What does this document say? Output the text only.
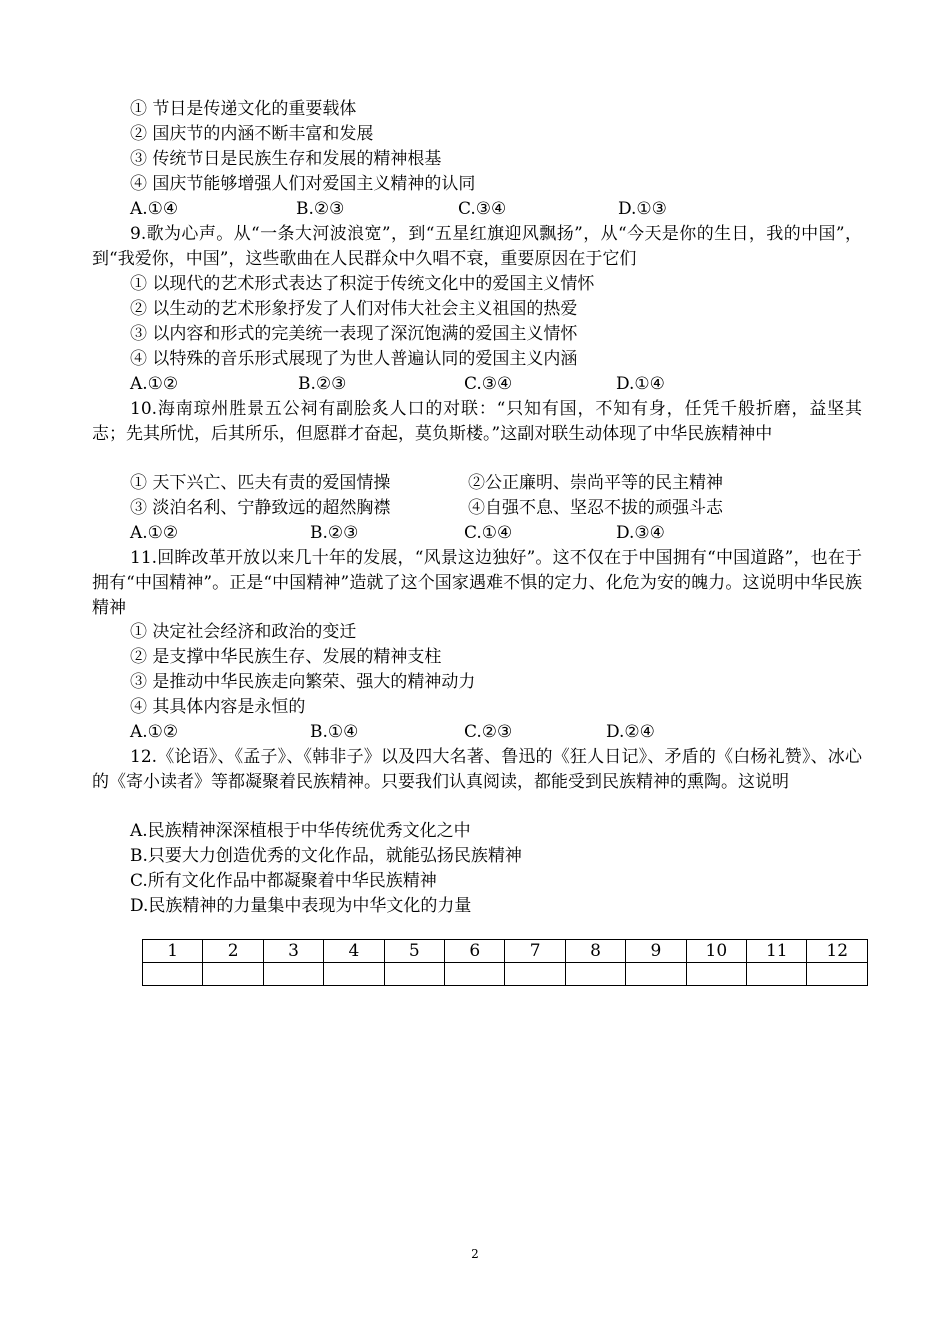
① 节日是传递文化的重要载体
② 国庆节的内涵不断丰富和发展
③ 传统节日是民族生存和发展的精神根基
④ 国庆节能够增强人们对爱国主义精神的认同
A.①④	B.②③	C.③④	D.①③
9.歌为心声。从“一条大河波浪宽”，到“五星红旗迎风飘扬”，从“今天是你的生日，我的中国”，到“我爱你，中国”，这些歌曲在人民群众中久唱不衰，重要原因在于它们
① 以现代的艺术形式表达了积淀于传统文化中的爱国主义情怀
② 以生动的艺术形象抒发了人们对伟大社会主义祖国的热爱
③ 以内容和形式的完美统一表现了深沉饱满的爱国主义情怀
④ 以特殊的音乐形式展现了为世人普遍认同的爱国主义内涵
A.①②	B.②③	C.③④	D.①④
10.海南琼州胜景五公祠有副脍炙人口的对联：“只知有国，不知有身，任凭千般折磨，益坚其志；先其所忧，后其所乐，但愿群才奋起，莫负斯楼。”这副对联生动体现了中华民族精神中
① 天下兴亡、匹夫有责的爱国情操	②公正廉明、崇尚平等的民主精神
③ 淡泊名利、宁静致远的超然胸襟	④自强不息、坚忍不拔的顽强斗志
A.①②	B.②③	C.①④	D.③④
11.回眸改革开放以来几十年的发展，“风景这边独好”。这不仅在于中国拥有“中国道路”，也在于拥有“中国精神”。正是“中国精神”造就了这个国家遇难不惧的定力、化危为安的魄力。这说明中华民族精神
① 决定社会经济和政治的变迁
② 是支撑中华民族生存、发展的精神支柱
③ 是推动中华民族走向繁荣、强大的精神动力
④ 其具体内容是永恒的
A.①②	B.①④	C.②③	D.②④
12.《论语》、《孟子》、《韩非子》以及四大名著、鲁迅的《狂人日记》、矛盾的《白杨礼赞》、冰心的《寄小读者》等都凝聚着民族精神。只要我们认真阅读，都能受到民族精神的熏陶。这说明
A.民族精神深深植根于中华传统优秀文化之中
B.只要大力创造优秀的文化作品，就能弘扬民族精神
C.所有文化作品中都凝聚着中华民族精神
D.民族精神的力量集中表现为中华文化的力量
1	2	3	4	5	6	7	8	9	10	11	12

2
